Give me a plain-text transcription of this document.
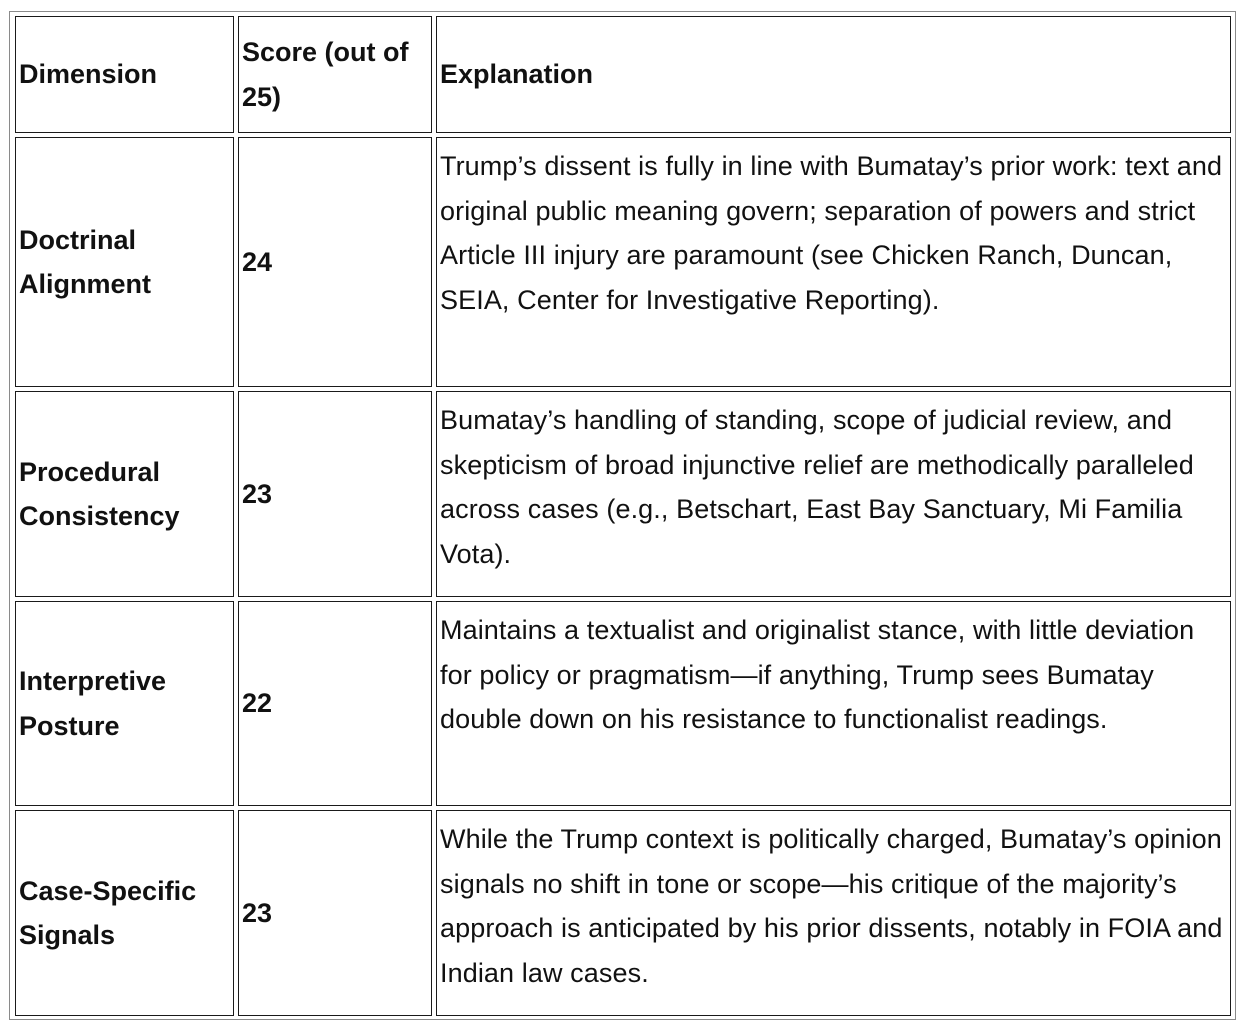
Dimension
Score (out of 25)
Explanation
Doctrinal Alignment
24
Trump’s dissent is fully in line with Bumatay’s prior work: text and original public meaning govern; separation of powers and strict Article III injury are paramount (see Chicken Ranch, Duncan, SEIA, Center for Investigative Reporting).
Procedural Consistency
23
Bumatay’s handling of standing, scope of judicial review, and skepticism of broad injunctive relief are methodically paralleled across cases (e.g., Betschart, East Bay Sanctuary, Mi Familia Vota).
Interpretive Posture
22
Maintains a textualist and originalist stance, with little deviation for policy or pragmatism—if anything, Trump sees Bumatay double down on his resistance to functionalist readings.
Case-Specific Signals
23
While the Trump context is politically charged, Bumatay’s opinion signals no shift in tone or scope—his critique of the majority’s approach is anticipated by his prior dissents, notably in FOIA and Indian law cases.
